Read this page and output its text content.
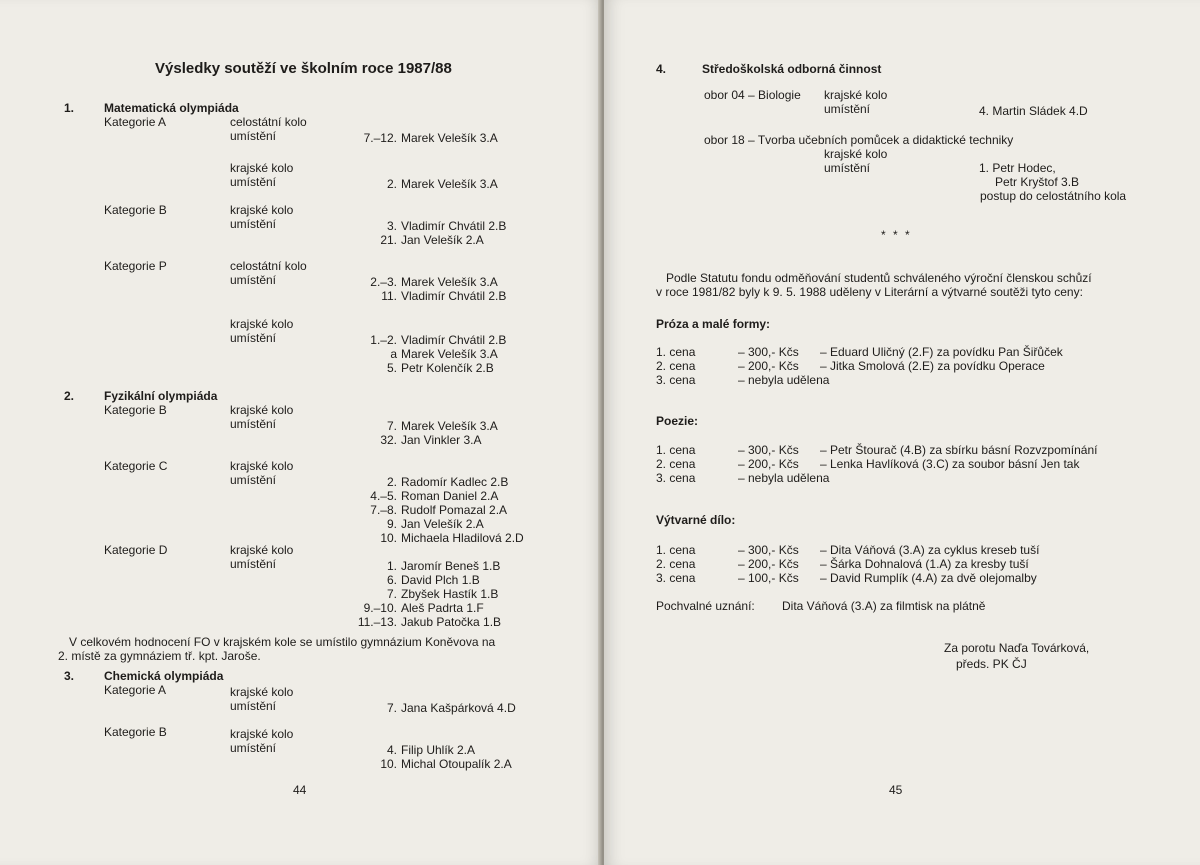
Výsledky soutěží ve školním roce 1987/88
1. Matematická olympiáda
Kategorie A	celostátní kolo
umístění	7.–12. Marek Velešík 3.A
krajské kolo
umístění	2. Marek Velešík 3.A
Kategorie B	krajské kolo
umístění	3. Vladimír Chvátil 2.B
21. Jan Velešík 2.A
Kategorie P	celostátní kolo
umístění	2.–3. Marek Velešík 3.A
11. Vladimír Chvátil 2.B
krajské kolo
umístění	1.–2. Vladimír Chvátil 2.B
a Marek Velešík 3.A
5. Petr Kolenčík 2.B
2. Fyzikální olympiáda
Kategorie B	krajské kolo
umístění	7. Marek Velešík 3.A
32. Jan Vinkler 3.A
Kategorie C	krajské kolo
umístění	2. Radomír Kadlec 2.B
4.–5. Roman Daniel 2.A
7.–8. Rudolf Pomazal 2.A
9. Jan Velešík 2.A
10. Michaela Hladilová 2.D
Kategorie D	krajské kolo
umístění	1. Jaromír Beneš 1.B
6. David Plch 1.B
7. Zbyšek Hastík 1.B
9.–10. Aleš Padrta 1.F
11.–13. Jakub Patočka 1.B
V celkovém hodnocení FO v krajském kole se umístilo gymnázium Koněvova na
2. místě za gymnáziem tř. kpt. Jaroše.
3. Chemická olympiáda
Kategorie A	krajské kolo
umístění	7. Jana Kašpárková 4.D
Kategorie B	krajské kolo
umístění	4. Filip Uhlík 2.A
10. Michal Otoupalík 2.A
44
4.	Středoškolská odborná činnost
obor 04 – Biologie krajské kolo
umístění	4. Martin Sládek 4.D
obor 18 – Tvorba učebních pomůcek a didaktické techniky
krajské kolo
umístění	1. Petr Hodec,
Petr Kryštof 3.B
postup do celostátního kola
* * *
Podle Statutu fondu odměňování studentů schváleného výroční členskou schůzí
v roce 1981/82 byly k 9. 5. 1988 uděleny v Literární a výtvarné soutěži tyto ceny:
Próza a malé formy:
1. cena	– 300,- Kčs – Eduard Uličný (2.F) za povídku Pan Šiřůček
2. cena	– 200,- Kčs – Jitka Smolová (2.E) za povídku Operace
3. cena	– nebyla udělena
Poezie:
1. cena	– 300,- Kčs – Petr Štourač (4.B) za sbírku básní Rozvzpomínání
2. cena	– 200,- Kčs – Lenka Havlíková (3.C) za soubor básní Jen tak
3. cena	– nebyla udělena
Výtvarné dílo:
1. cena	– 300,- Kčs – Dita Váňová (3.A) za cyklus kreseb tuší
2. cena	– 200,- Kčs – Šárka Dohnalová (1.A) za kresby tuší
3. cena	– 100,- Kčs – David Rumplík (4.A) za dvě olejomalby
Pochvalné uznání: Dita Váňová (3.A) za filmtisk na plátně
Za porotu Naďa Továrková,
předs. PK ČJ
45
